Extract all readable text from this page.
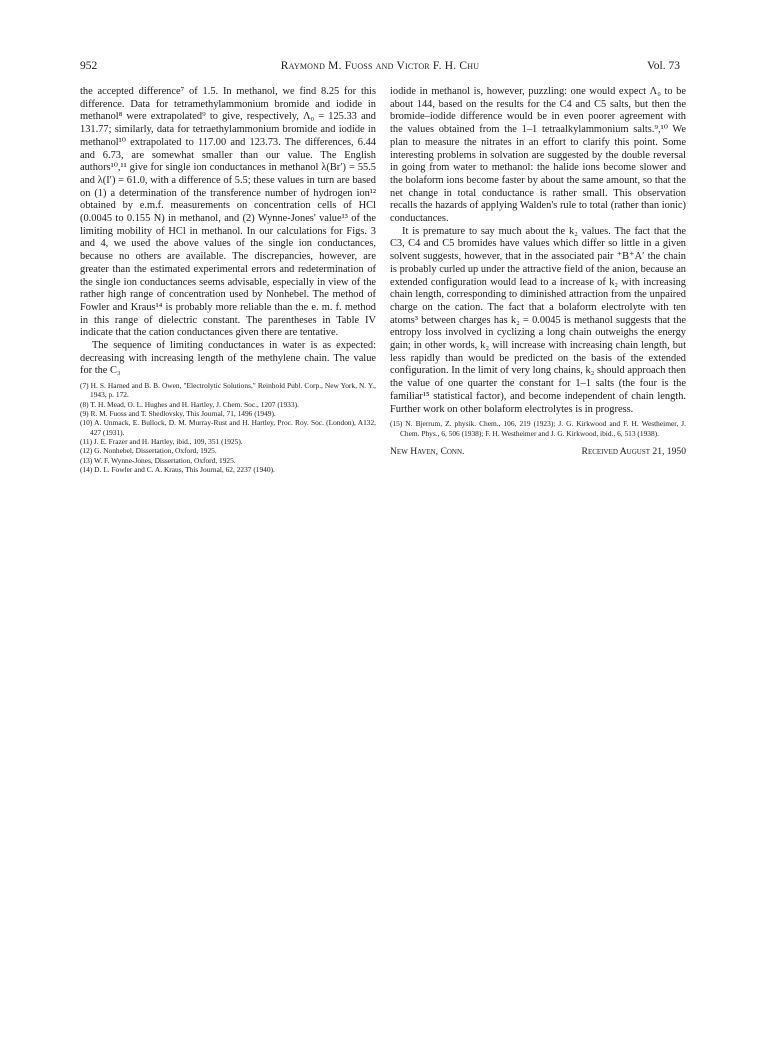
952	Raymond M. Fuoss and Victor F. H. Chu	Vol. 73

the accepted difference⁷ of 1.5. In methanol, we find 8.25 for this difference. Data for tetramethylammonium bromide and iodide in methanol⁸ were extrapolated⁹ to give, respectively, Λ₀ = 125.33 and 131.77; similarly, data for tetraethylammonium bromide and iodide in methanol¹⁰ extrapolated to 117.00 and 123.73. The differences, 6.44 and 6.73, are somewhat smaller than our value. The English authors¹⁰,¹¹ give for single ion conductances in methanol λ(Br′) = 55.5 and λ(I′) = 61.0, with a difference of 5.5; these values in turn are based on (1) a determination of the transference number of hydrogen ion¹² obtained by e.m.f. measurements on concentration cells of HCl (0.0045 to 0.155 N) in methanol, and (2) Wynne-Jones' value¹³ of the limiting mobility of HCl in methanol. In our calculations for Figs. 3 and 4, we used the above values of the single ion conductances, because no others are available. The discrepancies, however, are greater than the estimated experimental errors and redetermination of the single ion conductances seems advisable, especially in view of the rather high range of concentration used by Nonhebel. The method of Fowler and Kraus¹⁴ is probably more reliable than the e. m. f. method in this range of dielectric constant. The parentheses in Table IV indicate that the cation conductances given there are tentative.

The sequence of limiting conductances in water is as expected: decreasing with increasing length of the methylene chain. The value for the C₃

(7) H. S. Harned and B. B. Owen, "Electrolytic Solutions," Reinhold Publ. Corp., New York, N. Y., 1943, p. 172.
(8) T. H. Mead, O. L. Hughes and H. Hartley, J. Chem. Soc., 1207 (1933).
(9) R. M. Fuoss and T. Shedlovsky, This Journal, 71, 1496 (1949).
(10) A. Unmack, E. Bullock, D. M. Murray-Rust and H. Hartley, Proc. Roy. Soc. (London), A132, 427 (1931).
(11) J. E. Frazer and H. Hartley, ibid., 109, 351 (1925).
(12) G. Nonhebel, Dissertation, Oxford, 1925.
(13) W. F. Wynne-Jones, Dissertation, Oxford, 1925.
(14) D. L. Fowler and C. A. Kraus, This Journal, 62, 2237 (1940).

iodide in methanol is, however, puzzling: one would expect Λ₀ to be about 144, based on the results for the C4 and C5 salts, but then the bromide–iodide difference would be in even poorer agreement with the values obtained from the 1–1 tetraalkylammonium salts.⁹,¹⁰ We plan to measure the nitrates in an effort to clarify this point. Some interesting problems in solvation are suggested by the double reversal in going from water to methanol: the halide ions become slower and the bolaform ions become faster by about the same amount, so that the net change in total conductance is rather small. This observation recalls the hazards of applying Walden's rule to total (rather than ionic) conductances.

It is premature to say much about the k₂ values. The fact that the C3, C4 and C5 bromides have values which differ so little in a given solvent suggests, however, that in the associated pair ⁺B⁺A′ the chain is probably curled up under the attractive field of the anion, because an extended configuration would lead to a increase of k₂ with increasing chain length, corresponding to diminished attraction from the unpaired charge on the cation. The fact that a bolaform electrolyte with ten atoms³ between charges has k₂ = 0.0045 is methanol suggests that the entropy loss involved in cyclizing a long chain outweighs the energy gain; in other words, k₂ will increase with increasing chain length, but less rapidly than would be predicted on the basis of the extended configuration. In the limit of very long chains, k₂ should approach then the value of one quarter the constant for 1–1 salts (the four is the familiar¹⁵ statistical factor), and become independent of chain length. Further work on other bolaform electrolytes is in progress.

(15) N. Bjerrum, Z. physik. Chem., 106, 219 (1923); J. G. Kirkwood and F. H. Westheimer, J. Chem. Phys., 6, 506 (1938); F. H. Westheimer and J. G. Kirkwood, ibid., 6, 513 (1938).
New Haven, Conn.	Received August 21, 1950
